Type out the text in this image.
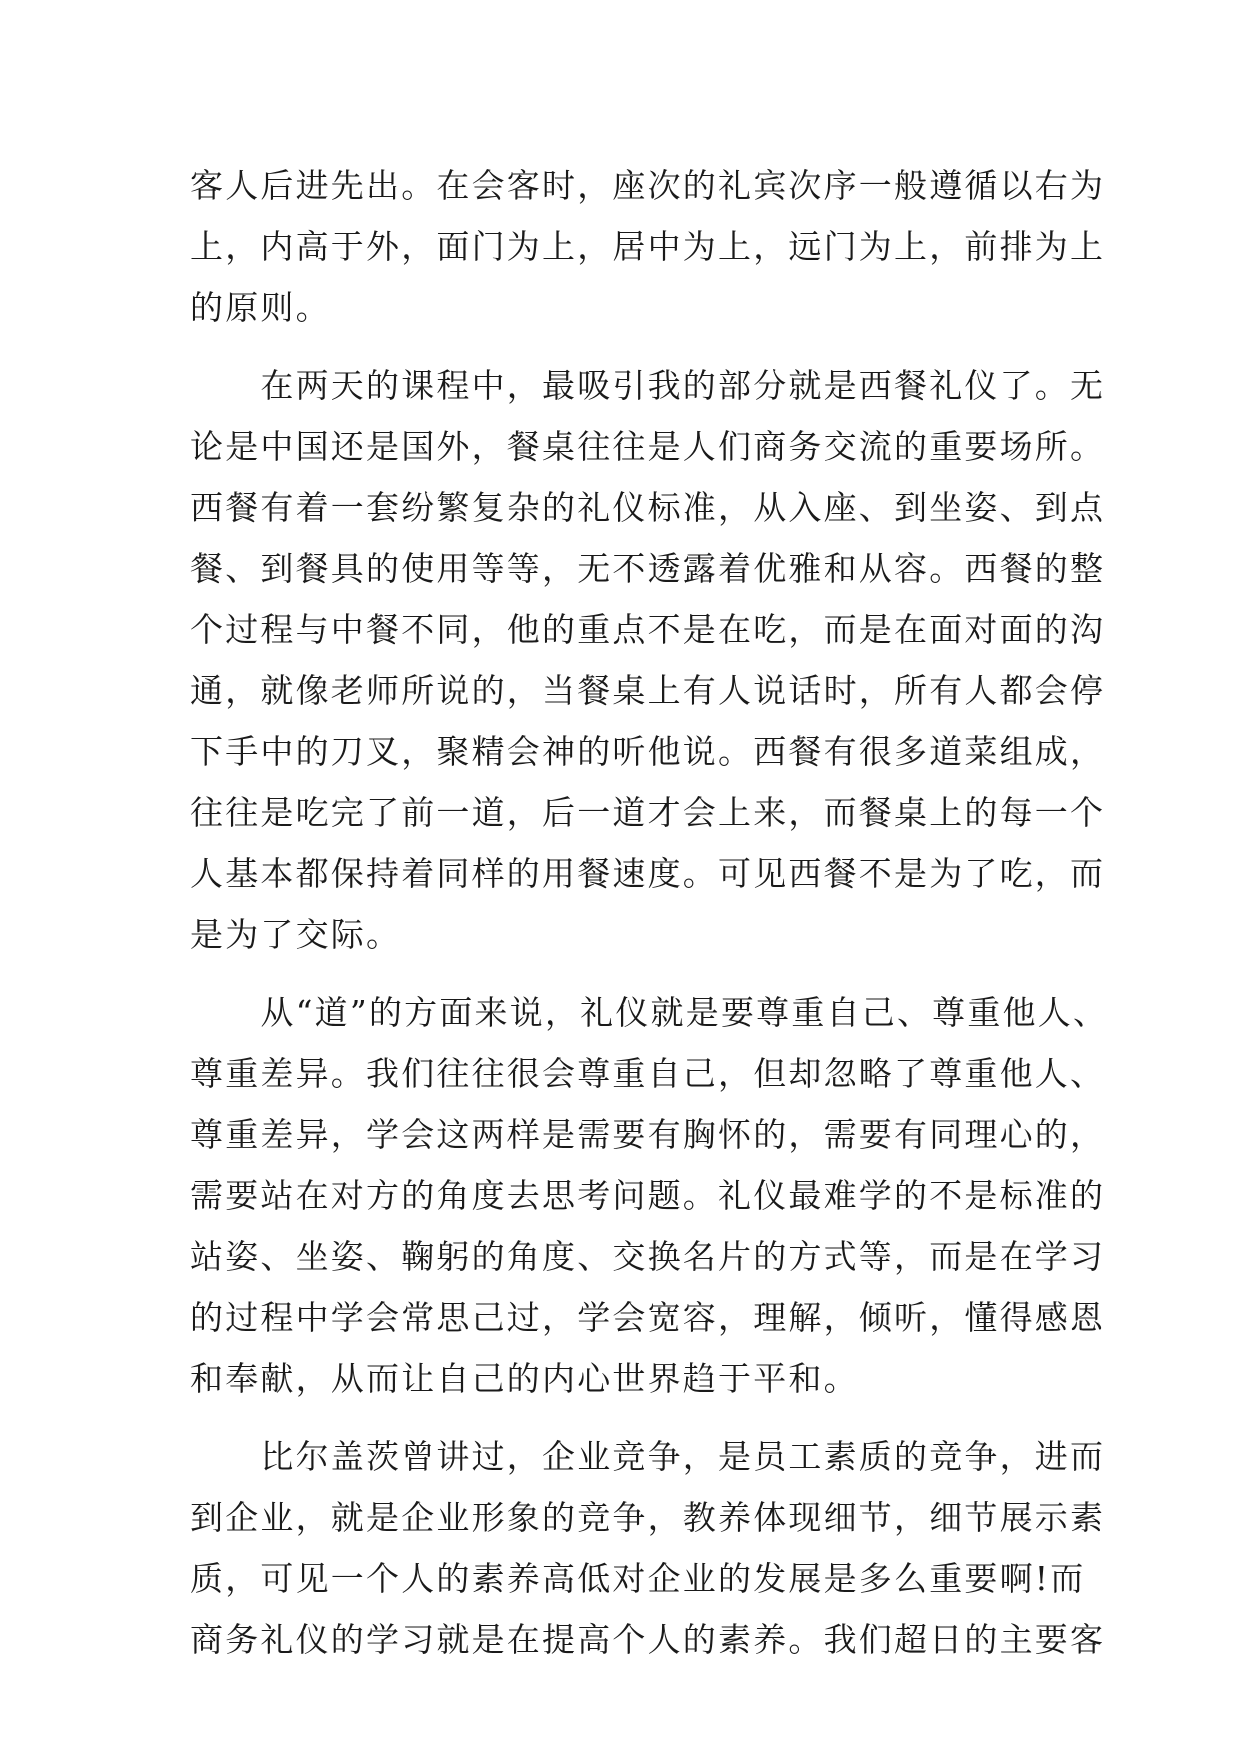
客人后进先出。在会客时，座次的礼宾次序一般遵循以右为
上，内高于外，面门为上，居中为上，远门为上，前排为上
的原则。
　　在两天的课程中，最吸引我的部分就是西餐礼仪了。无
论是中国还是国外，餐桌往往是人们商务交流的重要场所。
西餐有着一套纷繁复杂的礼仪标准，从入座、到坐姿、到点
餐、到餐具的使用等等，无不透露着优雅和从容。西餐的整
个过程与中餐不同，他的重点不是在吃，而是在面对面的沟
通，就像老师所说的，当餐桌上有人说话时，所有人都会停
下手中的刀叉，聚精会神的听他说。西餐有很多道菜组成，
往往是吃完了前一道，后一道才会上来，而餐桌上的每一个
人基本都保持着同样的用餐速度。可见西餐不是为了吃，而
是为了交际。
　　从“道”的方面来说，礼仪就是要尊重自己、尊重他人、
尊重差异。我们往往很会尊重自己，但却忽略了尊重他人、
尊重差异，学会这两样是需要有胸怀的，需要有同理心的，
需要站在对方的角度去思考问题。礼仪最难学的不是标准的
站姿、坐姿、鞠躬的角度、交换名片的方式等，而是在学习
的过程中学会常思己过，学会宽容，理解，倾听，懂得感恩
和奉献，从而让自己的内心世界趋于平和。
　　比尔盖茨曾讲过，企业竞争，是员工素质的竞争，进而
到企业，就是企业形象的竞争，教养体现细节，细节展示素
质，可见一个人的素养高低对企业的发展是多么重要啊!而
商务礼仪的学习就是在提高个人的素养。我们超日的主要客
